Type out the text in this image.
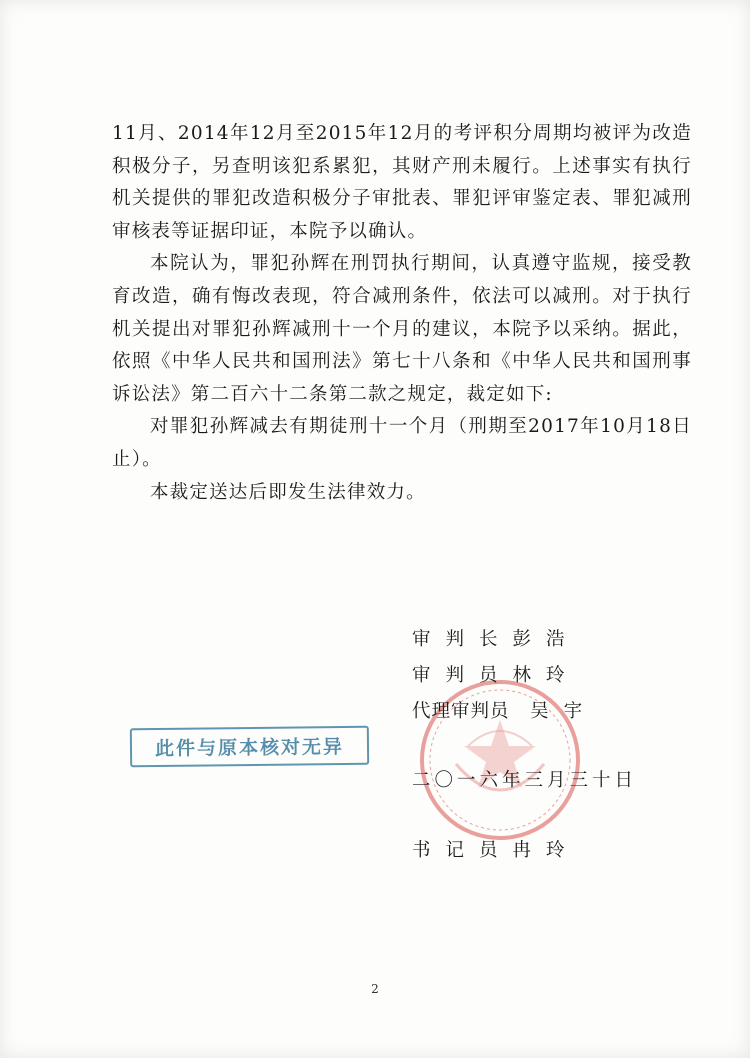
11月、2014年12月至2015年12月的考评积分周期均被评为改造积极分子，另查明该犯系累犯，其财产刑未履行。上述事实有执行机关提供的罪犯改造积极分子审批表、罪犯评审鉴定表、罪犯减刑审核表等证据印证，本院予以确认。

本院认为，罪犯孙辉在刑罚执行期间，认真遵守监规，接受教育改造，确有悔改表现，符合减刑条件，依法可以减刑。对于执行机关提出对罪犯孙辉减刑十一个月的建议，本院予以采纳。据此，依照《中华人民共和国刑法》第七十八条和《中华人民共和国刑事诉讼法》第二百六十二条第二款之规定，裁定如下:

对罪犯孙辉减去有期徒刑十一个月（刑期至2017年10月18日止）。

本裁定送达后即发生法律效力。

审判长彭浩
审判员林玲
代理审判员 吴宇
二〇一六年三月三十日
书记员冉玲
此件与原本核对无异
2
